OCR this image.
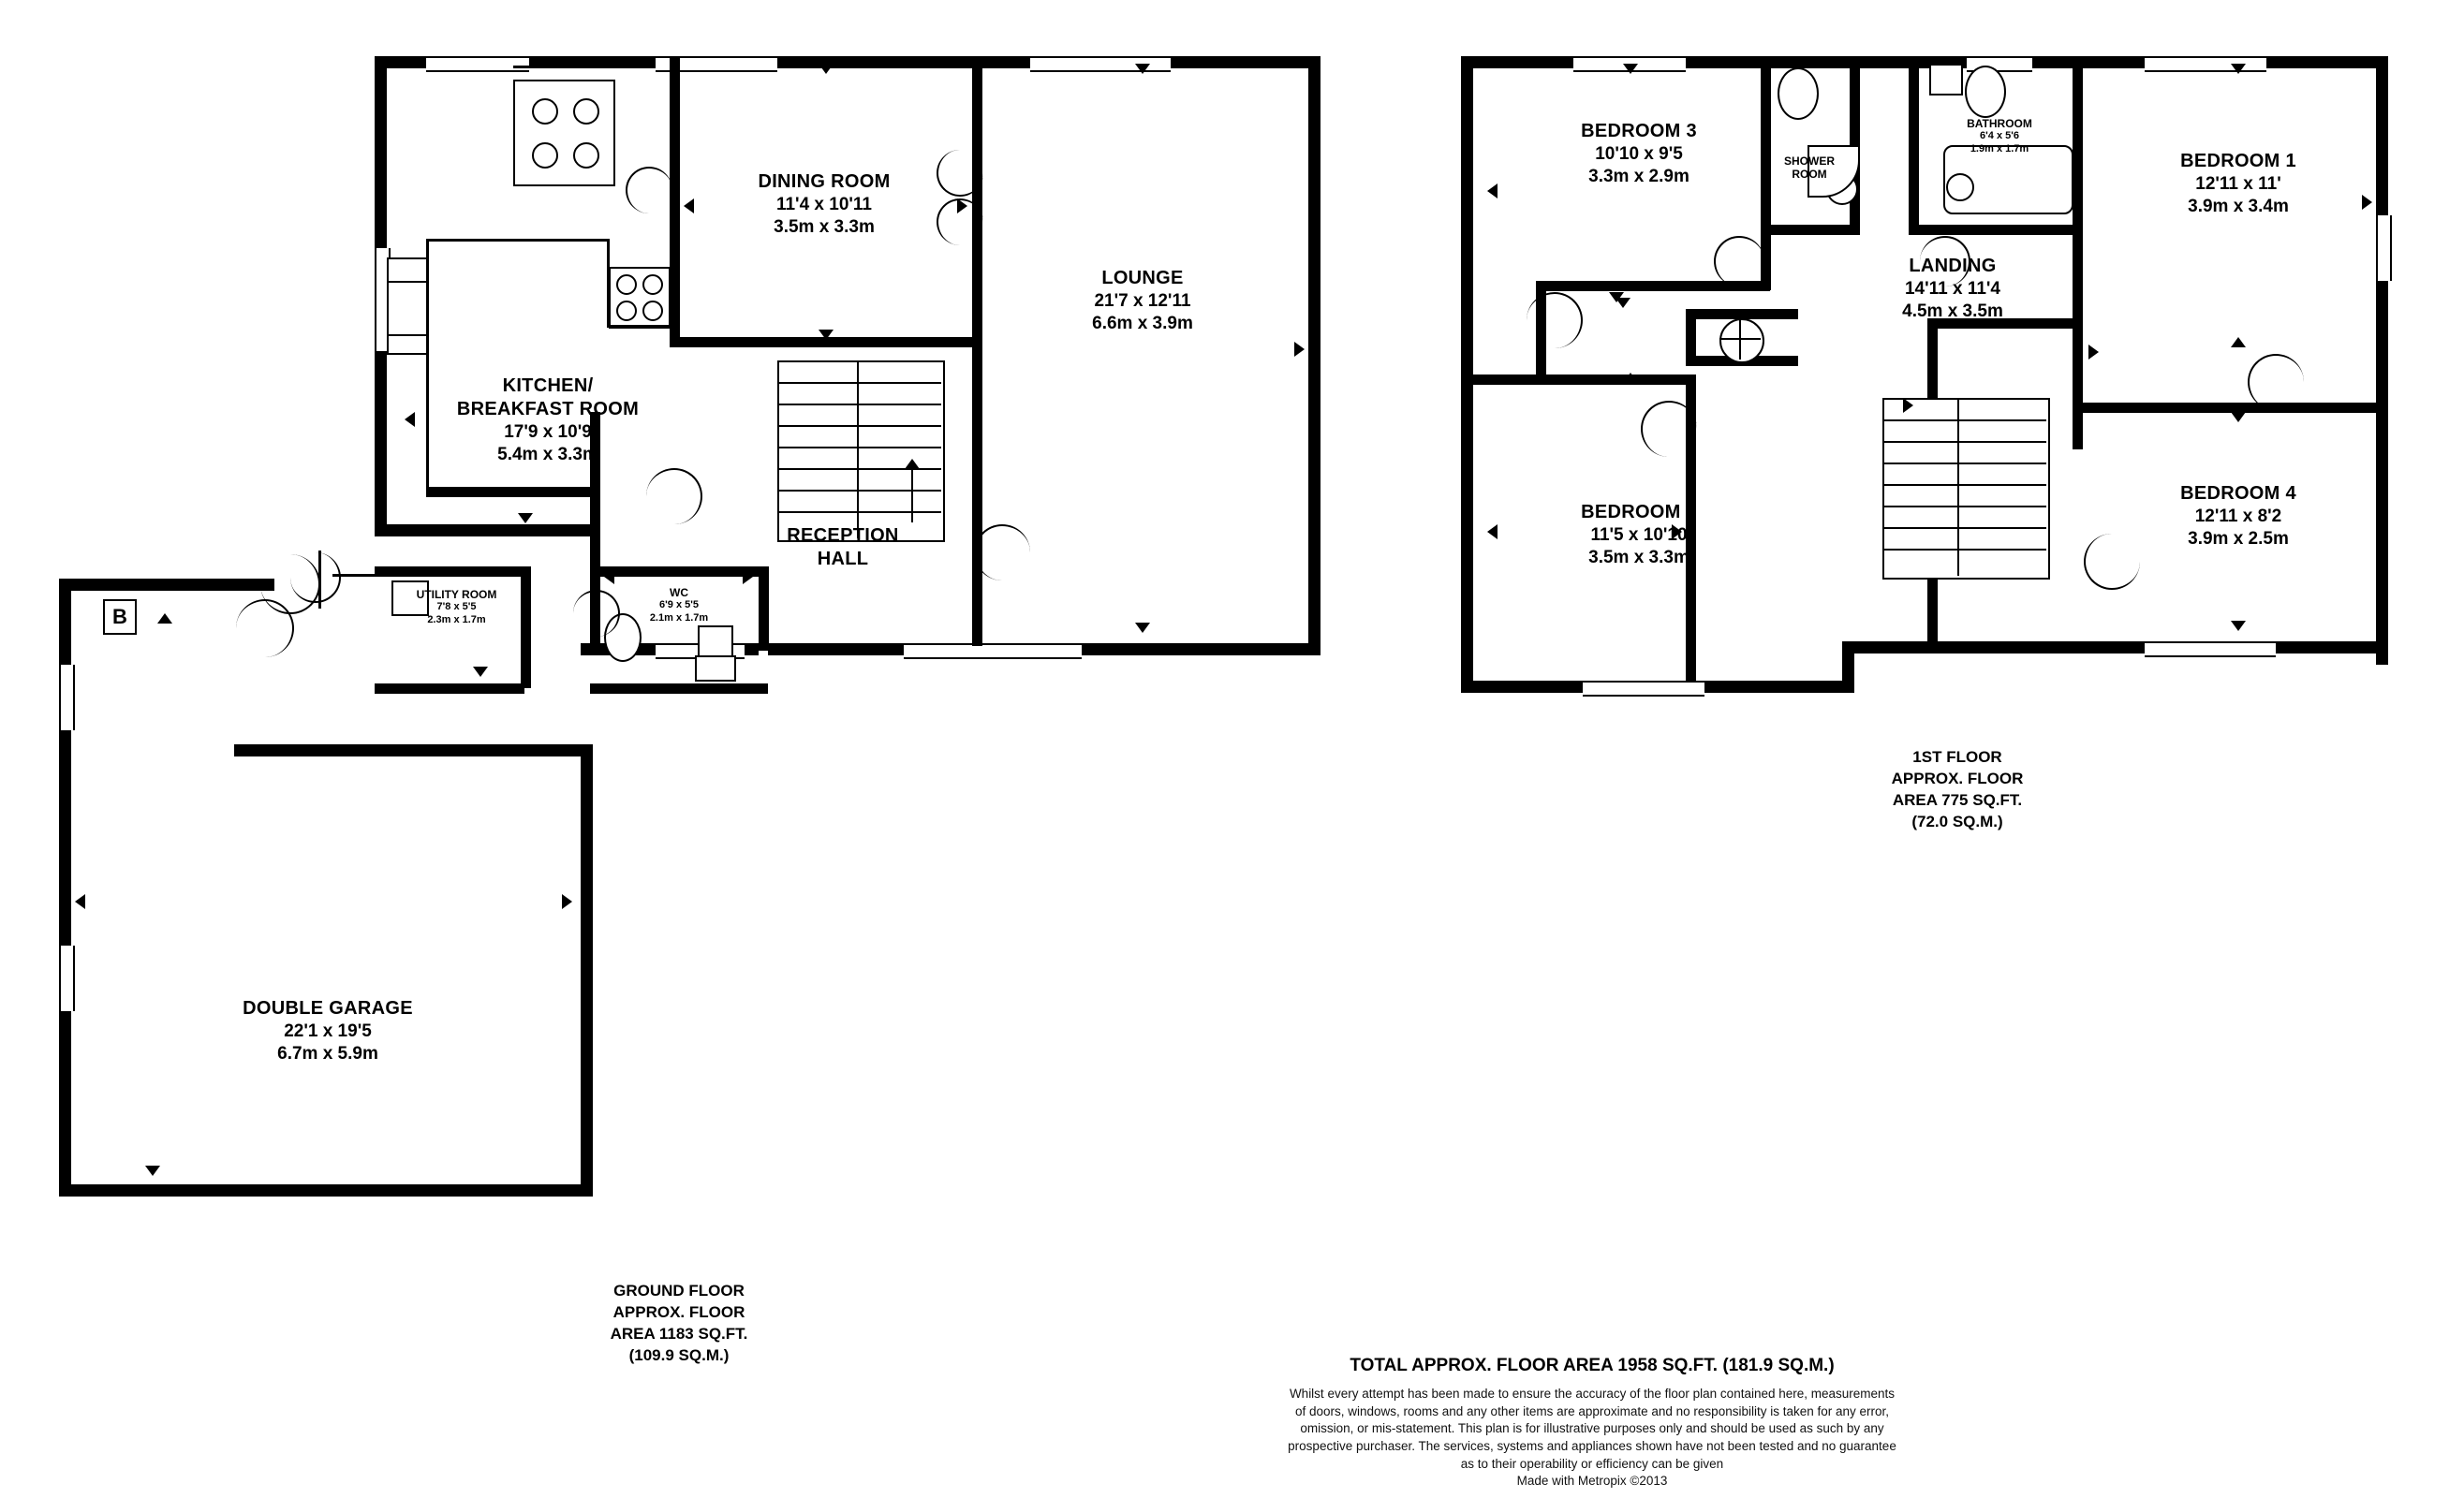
B
DINING ROOM
11'4 x 10'11
3.5m x 3.3m
LOUNGE
21'7 x 12'11
6.6m x 3.9m
KITCHEN/
BREAKFAST ROOM
17'9 x 10'9
5.4m x 3.3m
RECEPTION
HALL
UTILITY ROOM
7'8 x 5'5
2.3m x 1.7m
WC
6'9 x 5'5
2.1m x 1.7m
DOUBLE GARAGE
22'1 x 19'5
6.7m x 5.9m
GROUND FLOOR
APPROX. FLOOR
AREA 1183 SQ.FT.
(109.9 SQ.M.)
BEDROOM 3
10'10 x 9'5
3.3m x 2.9m
BEDROOM 1
12'11 x 11'
3.9m x 3.4m
BEDROOM 2
11'5 x 10'10
3.5m x 3.3m
BEDROOM 4
12'11 x 8'2
3.9m x 2.5m
LANDING
14'11 x 11'4
4.5m x 3.5m
BATHROOM
6'4 x 5'6
1.9m x 1.7m
SHOWER
ROOM
1ST FLOOR
APPROX. FLOOR
AREA 775 SQ.FT.
(72.0 SQ.M.)
TOTAL APPROX. FLOOR AREA 1958 SQ.FT. (181.9 SQ.M.)
Whilst every attempt has been made to ensure the accuracy of the floor plan contained here, measurements
of doors, windows, rooms and any other items are approximate and no responsibility is taken for any error,
omission, or mis-statement. This plan is for illustrative purposes only and should be used as such by any
prospective purchaser. The services, systems and appliances shown have not been tested and no guarantee
as to their operability or efficiency can be given
Made with Metropix ©2013
